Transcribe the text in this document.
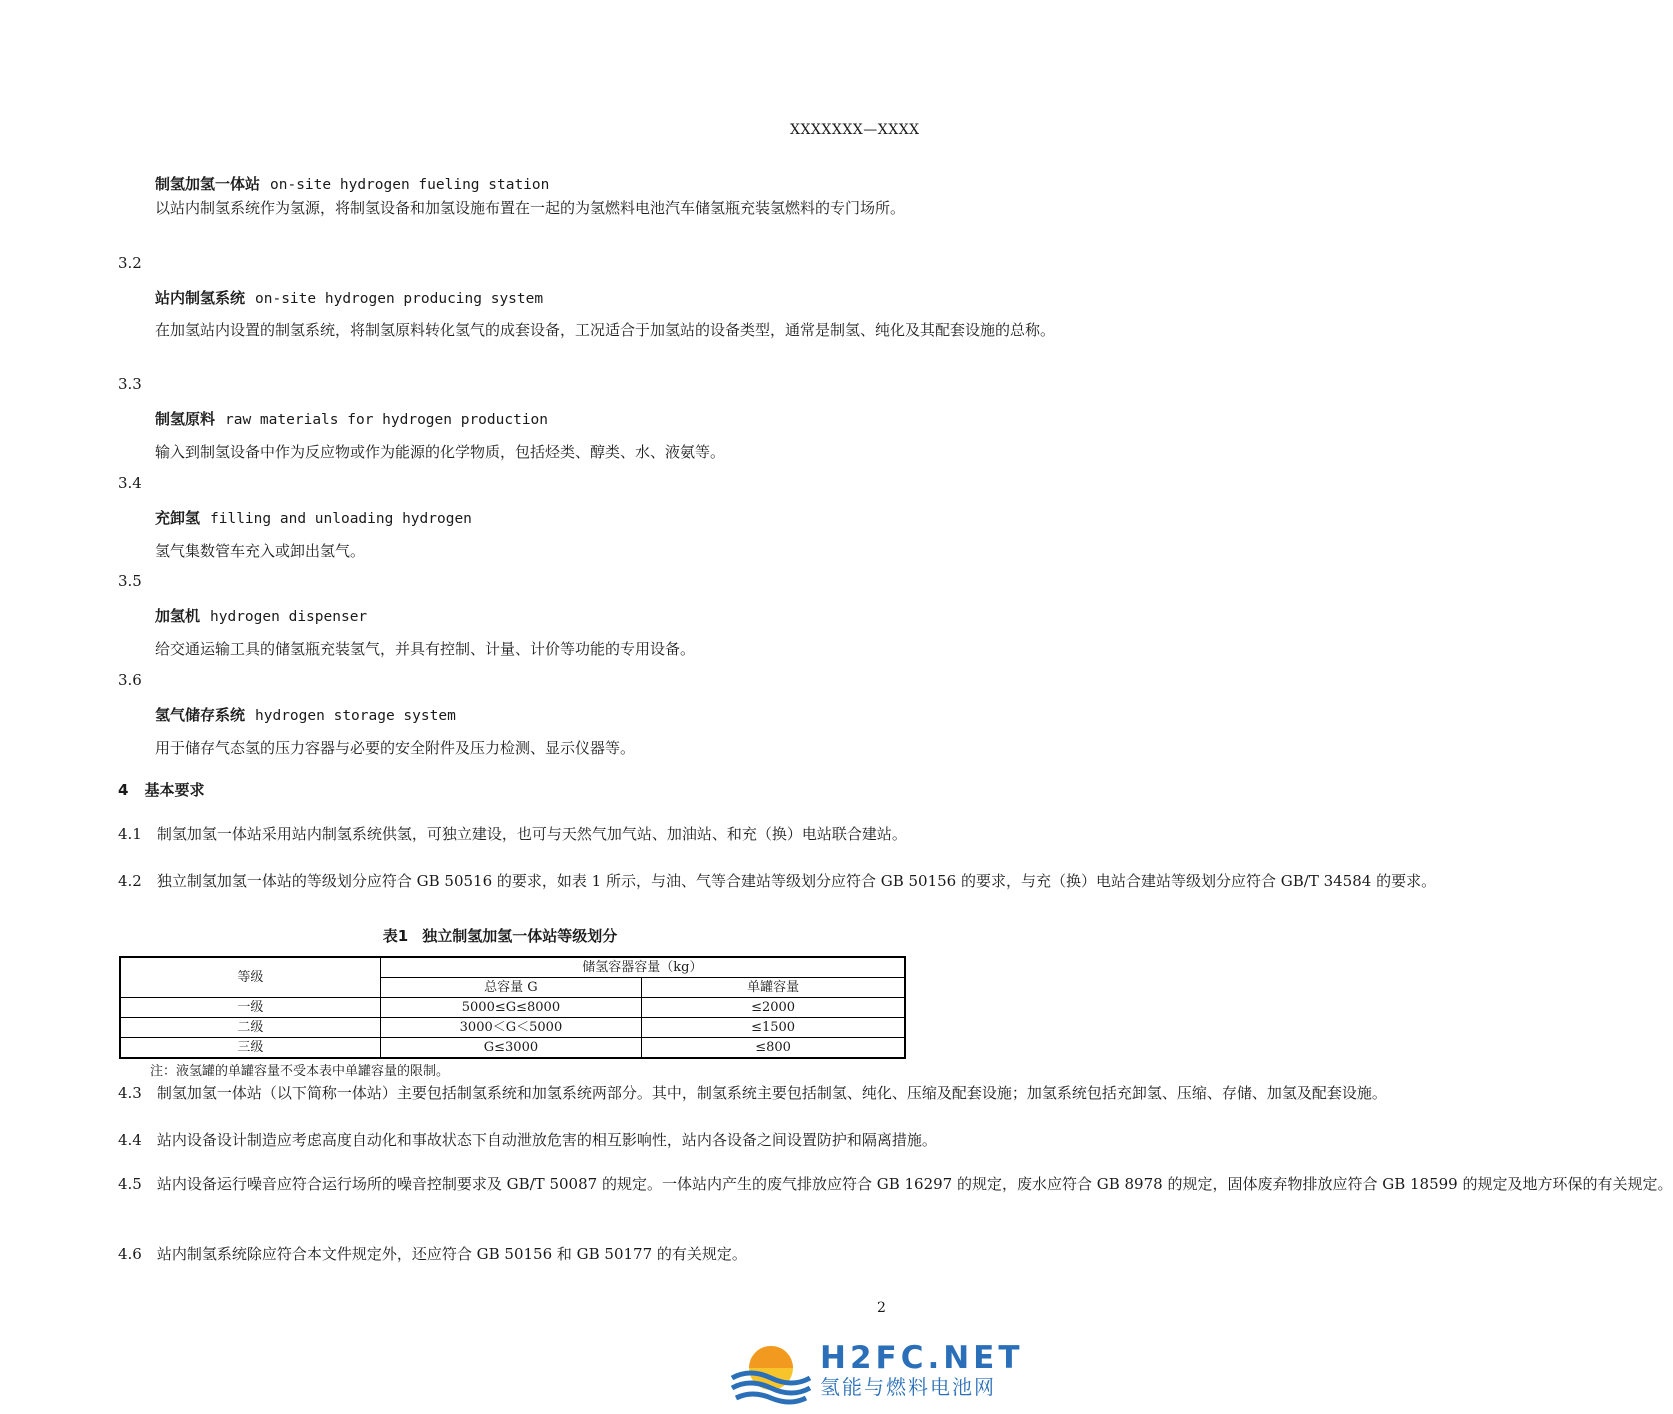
XXXXXXX—XXXX
制氢加氢一体站 on-site hydrogen fueling station
以站内制氢系统作为氢源，将制氢设备和加氢设施布置在一起的为氢燃料电池汽车储氢瓶充装氢燃料的专门场所。
3.2
站内制氢系统 on-site hydrogen producing system
在加氢站内设置的制氢系统，将制氢原料转化氢气的成套设备，工况适合于加氢站的设备类型，通常是制氢、纯化及其配套设施的总称。
3.3
制氢原料 raw materials for hydrogen production
输入到制氢设备中作为反应物或作为能源的化学物质，包括烃类、醇类、水、液氨等。
3.4
充卸氢 filling and unloading hydrogen
氢气集数管车充入或卸出氢气。
3.5
加氢机 hydrogen dispenser
给交通运输工具的储氢瓶充装氢气，并具有控制、计量、计价等功能的专用设备。
3.6
氢气储存系统 hydrogen storage system
用于储存气态氢的压力容器与必要的安全附件及压力检测、显示仪器等。
4 基本要求
4.1　制氢加氢一体站采用站内制氢系统供氢，可独立建设，也可与天然气加气站、加油站、和充（换）电站联合建站。
4.2　独立制氢加氢一体站的等级划分应符合 GB 50516 的要求，如表 1 所示，与油、气等合建站等级划分应符合 GB 50156 的要求，与充（换）电站合建站等级划分应符合 GB/T 34584 的要求。
表1 独立制氢加氢一体站等级划分
等级	储氢容器容量（kg）	
	总容量 G	单罐容量
一级	5000≤G≤8000	≤2000
二级	3000＜G＜5000	≤1500
三级	G≤3000	≤800
注：液氢罐的单罐容量不受本表中单罐容量的限制。
4.3　制氢加氢一体站（以下简称一体站）主要包括制氢系统和加氢系统两部分。其中，制氢系统主要包括制氢、纯化、压缩及配套设施；加氢系统包括充卸氢、压缩、存储、加氢及配套设施。
4.4　站内设备设计制造应考虑高度自动化和事故状态下自动泄放危害的相互影响性，站内各设备之间设置防护和隔离措施。
4.5　站内设备运行噪音应符合运行场所的噪音控制要求及 GB/T 50087 的规定。一体站内产生的废气排放应符合 GB 16297 的规定，废水应符合 GB 8978 的规定，固体废弃物排放应符合 GB 18599 的规定及地方环保的有关规定。
4.6　站内制氢系统除应符合本文件规定外，还应符合 GB 50156 和 GB 50177 的有关规定。
2
H2FC.NET
氢能与燃料电池网
